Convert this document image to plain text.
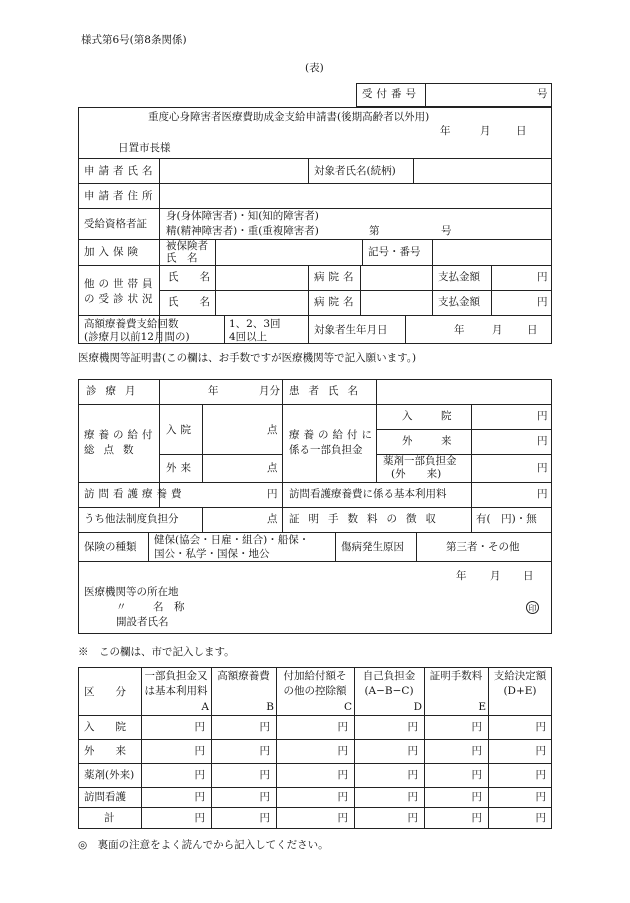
様式第6号(第8条関係)
(表)
受付番号	号
重度心身障害者医療費助成金支給申請書(後期高齢者以外用)
年	月 日
日置市長様
申請者氏名	対象者氏名(続柄)
申請者住所
受給資格者証
身(身体障害者)・知(知的障害者)
精(精神障害者)・重(重複障害者)	第	号
加入保険 被保険者
氏　名	記号・番号
他の世帯員
の受診状況
氏　　名	病院名	支払金額	円
氏　　名	病院名	支払金額	円
高額療養費支給回数
(診療月以前12月間の)
1、2、3回
4回以上
対象者生年月日	年	月 日
医療機関等証明書(この欄は、お手数ですが医療機関等で記入願います。)
診療月	年	月分 患者氏名
療養の給付
総点数
入院	点
外来	点
療養の給付に
係る一部負担金
入　院	円
外　来	円
薬剤一部負担金
(外　　来)	円
訪問看護療養費	円 訪問看護療養費に係る基本利用料	円
うち他法制度負担分	点 証明手数料の徴収	有(　円)・無
保険の種類
健保(協会・日雇・組合)・船保・
国公・私学・国保・地公
傷病発生原因	第三者・その他
年 月 日
医療機関等の所在地
〃	名　称
開設者氏名
印
※　この欄は、市で記入します。
区　　分
一部負担金又
は基本利用料
A
高額療養費
B
付加給付額そ
の他の控除額
C
自己負担金
(A−B−C)
D
証明手数料
E
支給決定額
(D+E)
入　　院	円	円	円	円	円	円
外　　来	円	円	円	円	円	円
薬剤(外来)	円	円	円	円	円	円
訪問看護	円	円	円	円	円	円
計	円	円	円	円	円	円
◎　裏面の注意をよく読んでから記入してください。
